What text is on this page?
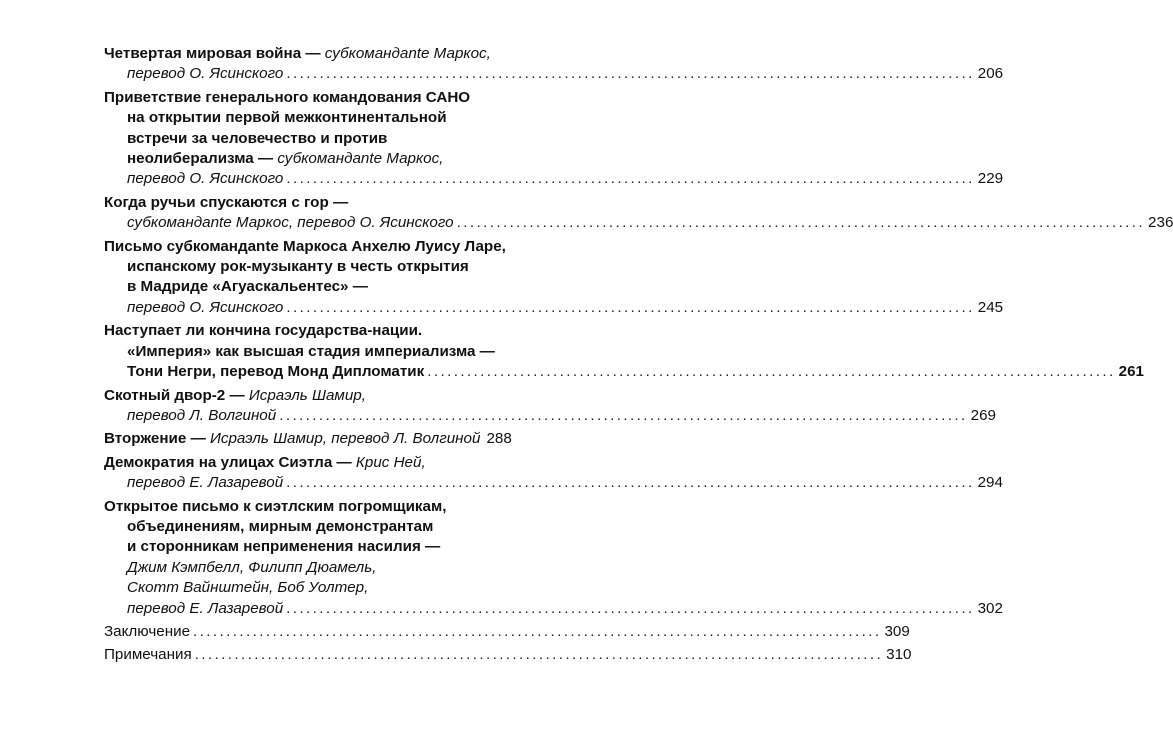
Четвертая мировая война — субкомандante Маркос,
перевод О. Ясинского ........................................................................................................ 206
Приветствие генерального командования САНО
на открытии первой межконтинентальной
встречи за человечество и против
неолиберализма — субкомандante Маркос,
перевод О. Ясинского ........................................................................................................ 229
Когда ручьи спускаются с гор —
субкомандante Маркос, перевод О. Ясинского ........................................................................................................ 236
Письмо субкомандante Маркоса Анхелю Луису Ларе,
испанскому рок-музыканту в честь открытия
в Мадриде «Агуаскальентес» —
перевод О. Ясинского ........................................................................................................ 245
Наступает ли кончина государства-нации.
«Империя» как высшая стадия империализма —
Тони Негри, перевод Монд Дипломатик ........................................................................................................ 261
Скотный двор-2 — Исраэль Шамир,
перевод Л. Волгиной ........................................................................................................ 269
Вторжение — Исраэль Шамир, перевод Л. Волгиной 288
Демократия на улицах Сиэтла — Крис Ней,
перевод Е. Лазаревой ........................................................................................................ 294
Открытое письмо к сиэтлским погромщикам,
объединениям, мирным демонстрантам
и сторонникам неприменения насилия —
Джим Кэмпбелл, Филипп Дюамель,
Скотт Вайнштейн, Боб Уолтер,
перевод Е. Лазаревой ........................................................................................................ 302
Заключение ........................................................................................................ 309
Примечания ........................................................................................................ 310
